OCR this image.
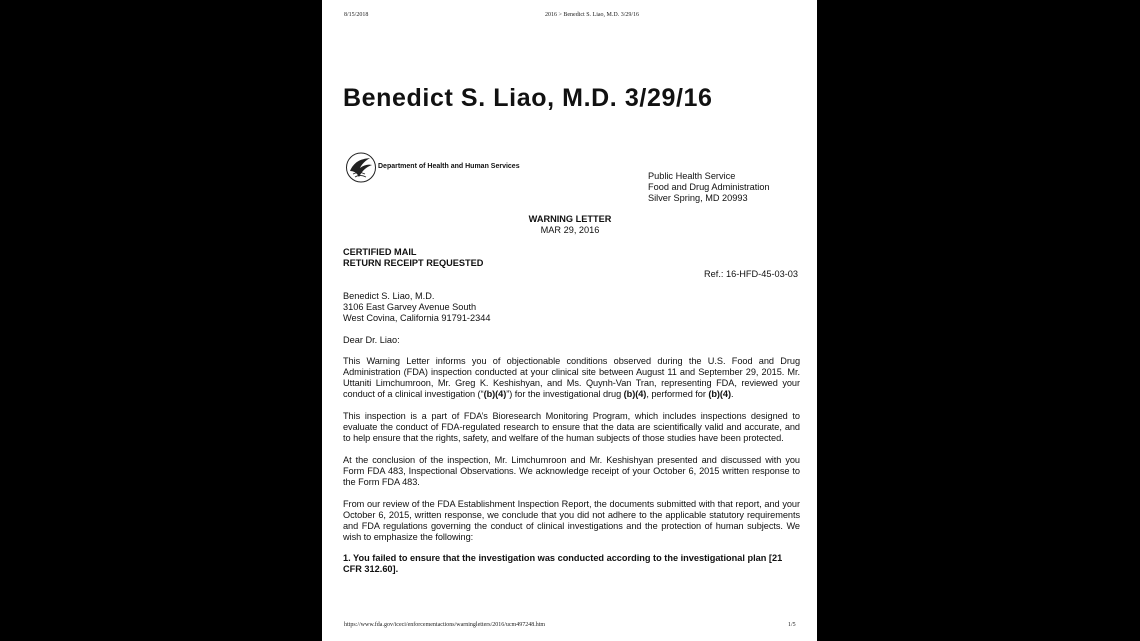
8/15/2018	2016 > Benedict S. Liao, M.D. 3/29/16
Benedict S. Liao, M.D. 3/29/16
Department of Health and Human Services
Public Health Service
Food and Drug Administration
Silver Spring, MD 20993
WARNING LETTER
MAR 29, 2016
CERTIFIED MAIL
RETURN RECEIPT REQUESTED
Ref.: 16-HFD-45-03-03
Benedict S. Liao, M.D.
3106 East Garvey Avenue South
West Covina, California 91791-2344
Dear Dr. Liao:

This Warning Letter informs you of objectionable conditions observed during the U.S. Food and Drug Administration (FDA) inspection conducted at your clinical site between August 11 and September 29, 2015. Mr. Uttaniti Limchumroon, Mr. Greg K. Keshishyan, and Ms. Quynh-Van Tran, representing FDA, reviewed your conduct of a clinical investigation (“(b)(4)”) for the investigational drug (b)(4), performed for (b)(4).

This inspection is a part of FDA’s Bioresearch Monitoring Program, which includes inspections designed to evaluate the conduct of FDA-regulated research to ensure that the data are scientifically valid and accurate, and to help ensure that the rights, safety, and welfare of the human subjects of those studies have been protected.

At the conclusion of the inspection, Mr. Limchumroon and Mr. Keshishyan presented and discussed with you Form FDA 483, Inspectional Observations. We acknowledge receipt of your October 6, 2015 written response to the Form FDA 483.

From our review of the FDA Establishment Inspection Report, the documents submitted with that report, and your October 6, 2015, written response, we conclude that you did not adhere to the applicable statutory requirements and FDA regulations governing the conduct of clinical investigations and the protection of human subjects. We wish to emphasize the following:

1. You failed to ensure that the investigation was conducted according to the investigational plan [21 CFR 312.60].

https://www.fda.gov/iceci/enforcementactions/warningletters/2016/ucm497248.htm	1/5
